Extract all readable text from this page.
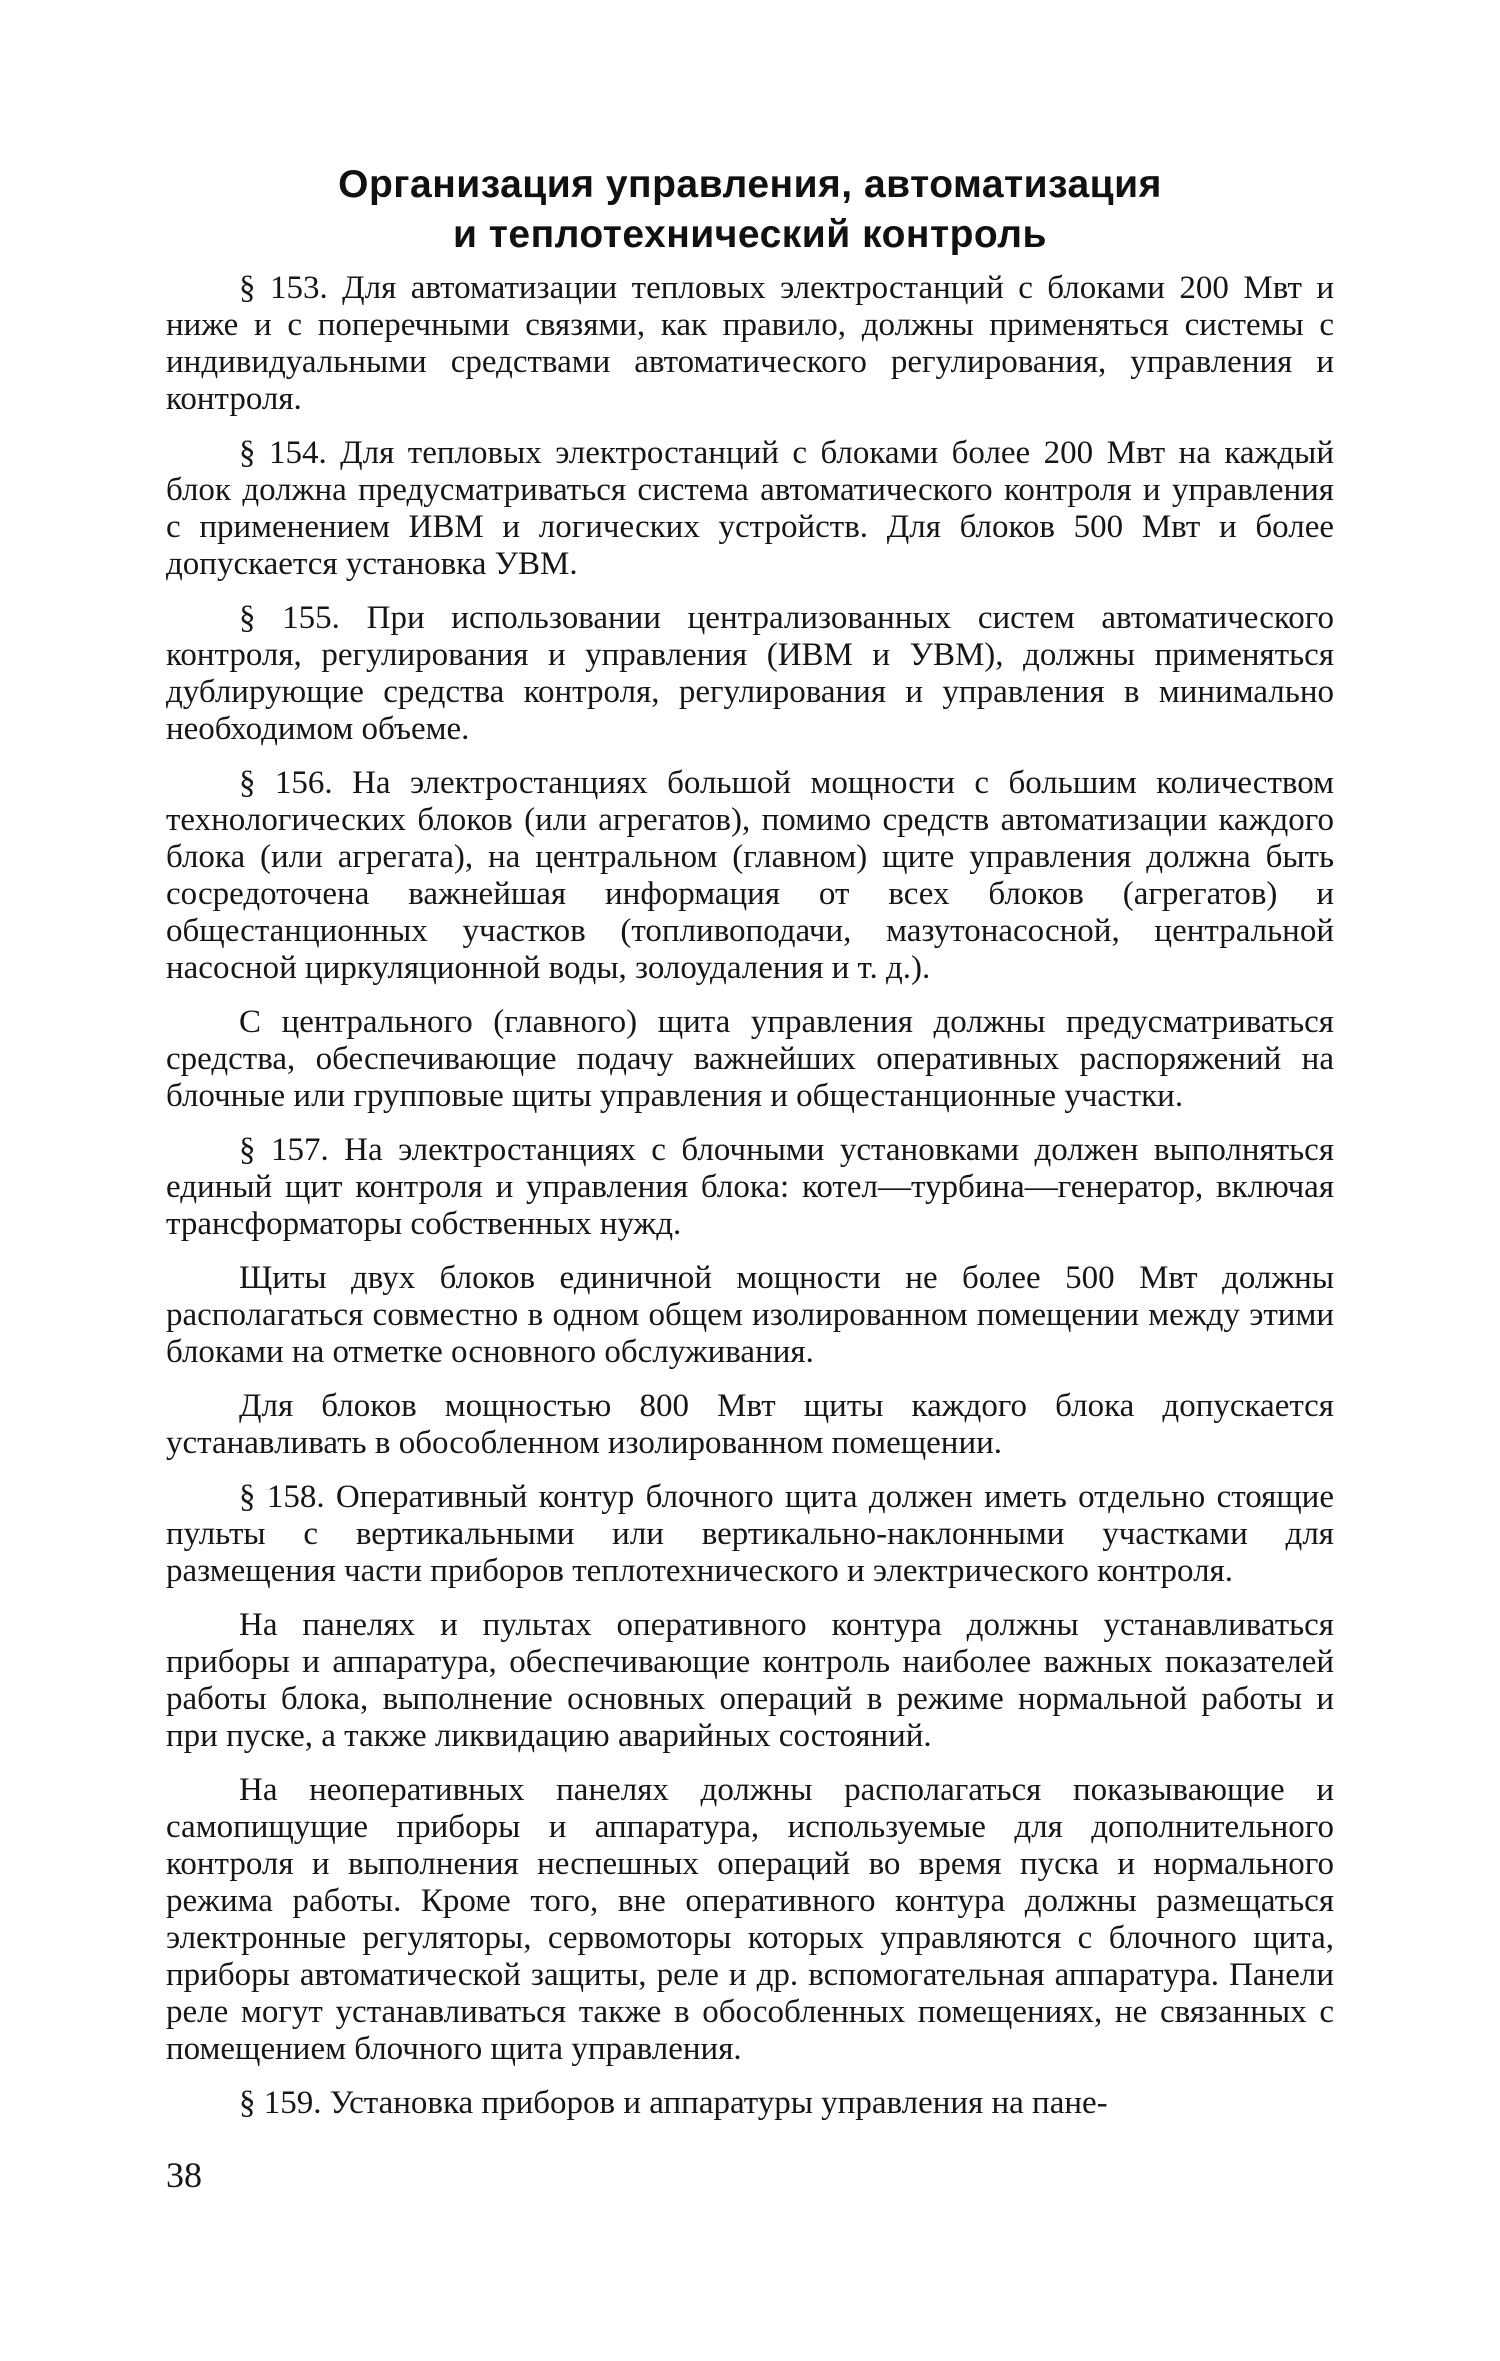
Организация управления, автоматизация
и теплотехнический контроль

§ 153. Для автоматизации тепловых электростанций с блоками 200 Мвт и ниже и с поперечными связями, как правило, должны применяться системы с индивидуальными средствами автоматического регулирования, управления и контроля.

§ 154. Для тепловых электростанций с блоками более 200 Мвт на каждый блок должна предусматриваться система автоматического контроля и управления с применением ИВМ и логических устройств. Для блоков 500 Мвт и более допускается установка УВМ.

§ 155. При использовании централизованных систем автоматического контроля, регулирования и управления (ИВМ и УВМ), должны применяться дублирующие средства контроля, регулирования и управления в минимально необходимом объеме.

§ 156. На электростанциях большой мощности с большим количеством технологических блоков (или агрегатов), помимо средств автоматизации каждого блока (или агрегата), на центральном (главном) щите управления должна быть сосредоточена важнейшая информация от всех блоков (агрегатов) и общестанционных участков (топливоподачи, мазутонасосной, центральной насосной циркуляционной воды, золоудаления и т. д.).

С центрального (главного) щита управления должны предусматриваться средства, обеспечивающие подачу важнейших оперативных распоряжений на блочные или групповые щиты управления и общестанционные участки.

§ 157. На электростанциях с блочными установками должен выполняться единый щит контроля и управления блока: котел—турбина—генератор, включая трансформаторы собственных нужд.

Щиты двух блоков единичной мощности не более 500 Мвт должны располагаться совместно в одном общем изолированном помещении между этими блоками на отметке основного обслуживания.

Для блоков мощностью 800 Мвт щиты каждого блока допускается устанавливать в обособленном изолированном помещении.

§ 158. Оперативный контур блочного щита должен иметь отдельно стоящие пульты с вертикальными или вертикально-наклонными участками для размещения части приборов теплотехнического и электрического контроля.

На панелях и пультах оперативного контура должны устанавливаться приборы и аппаратура, обеспечивающие контроль наиболее важных показателей работы блока, выполнение основных операций в режиме нормальной работы и при пуске, а также ликвидацию аварийных состояний.

На неоперативных панелях должны располагаться показывающие и самопищущие приборы и аппаратура, используемые для дополнительного контроля и выполнения неспешных операций во время пуска и нормального режима работы. Кроме того, вне оперативного контура должны размещаться электронные регуляторы, сервомоторы которых управляются с блочного щита, приборы автоматической защиты, реле и др. вспомогательная аппаратура. Панели реле могут устанавливаться также в обособленных помещениях, не связанных с помещением блочного щита управления.

§ 159. Установка приборов и аппаратуры управления на пане-

38
